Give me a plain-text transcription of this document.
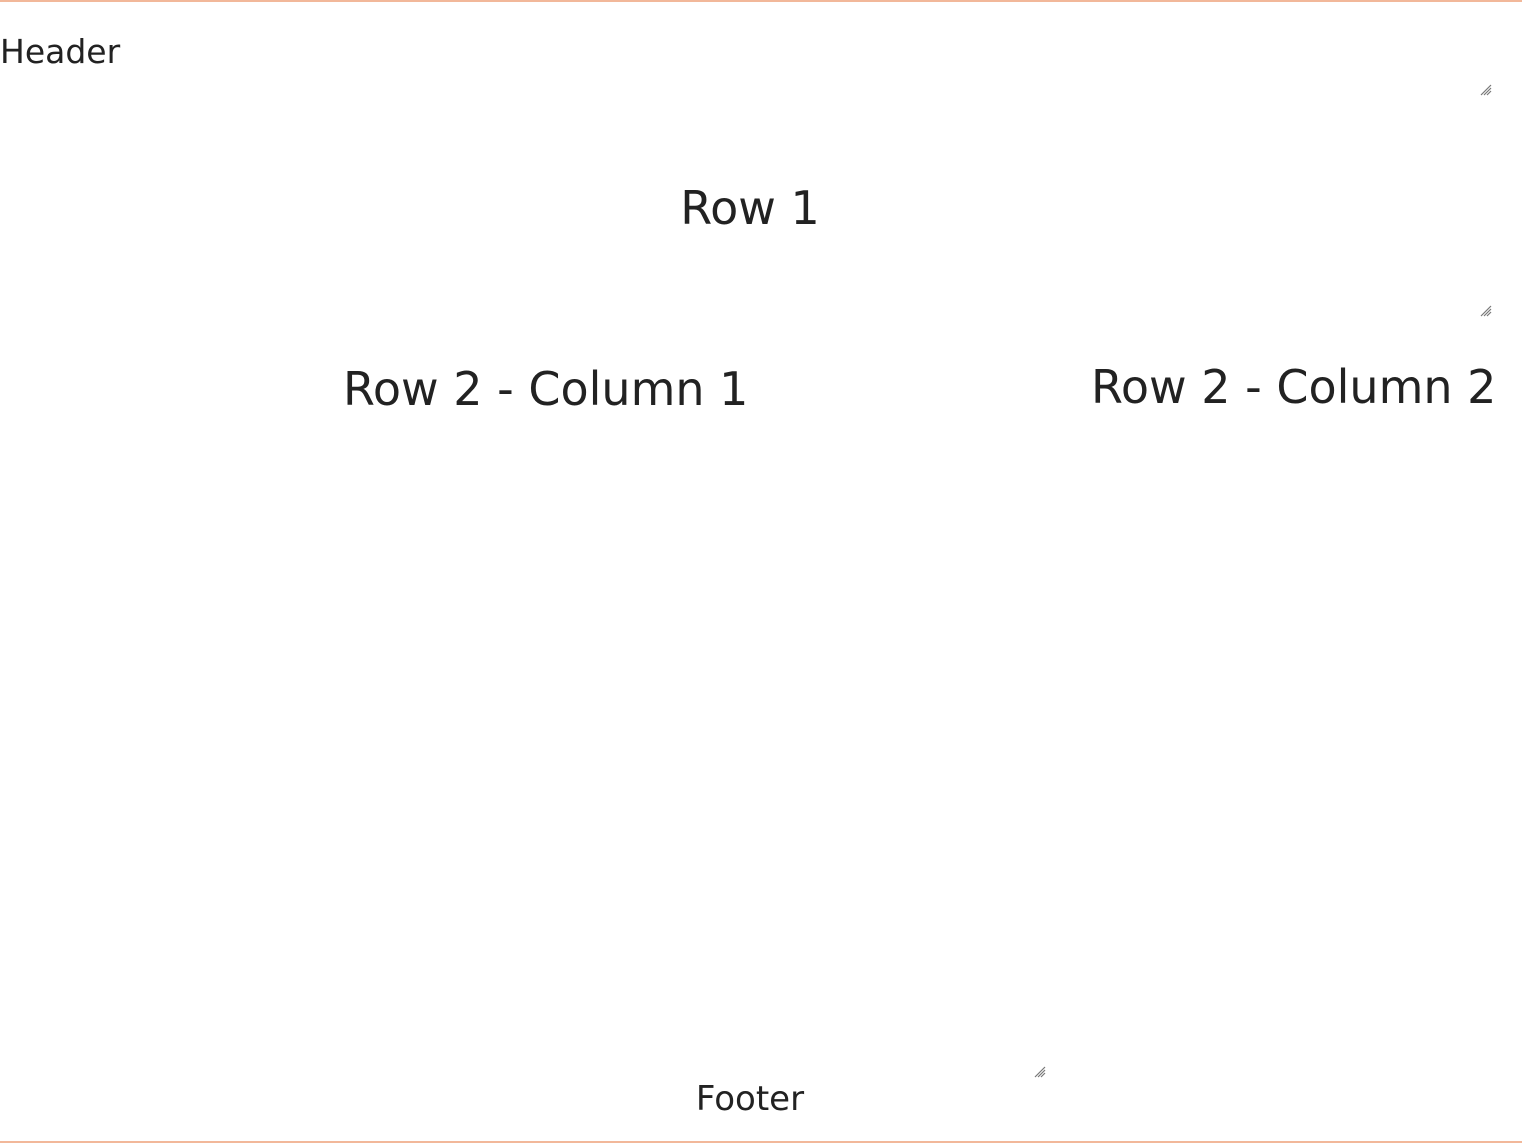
Header
Row 1
Row 2 - Column 1	Row 2 - Column 2
Footer
